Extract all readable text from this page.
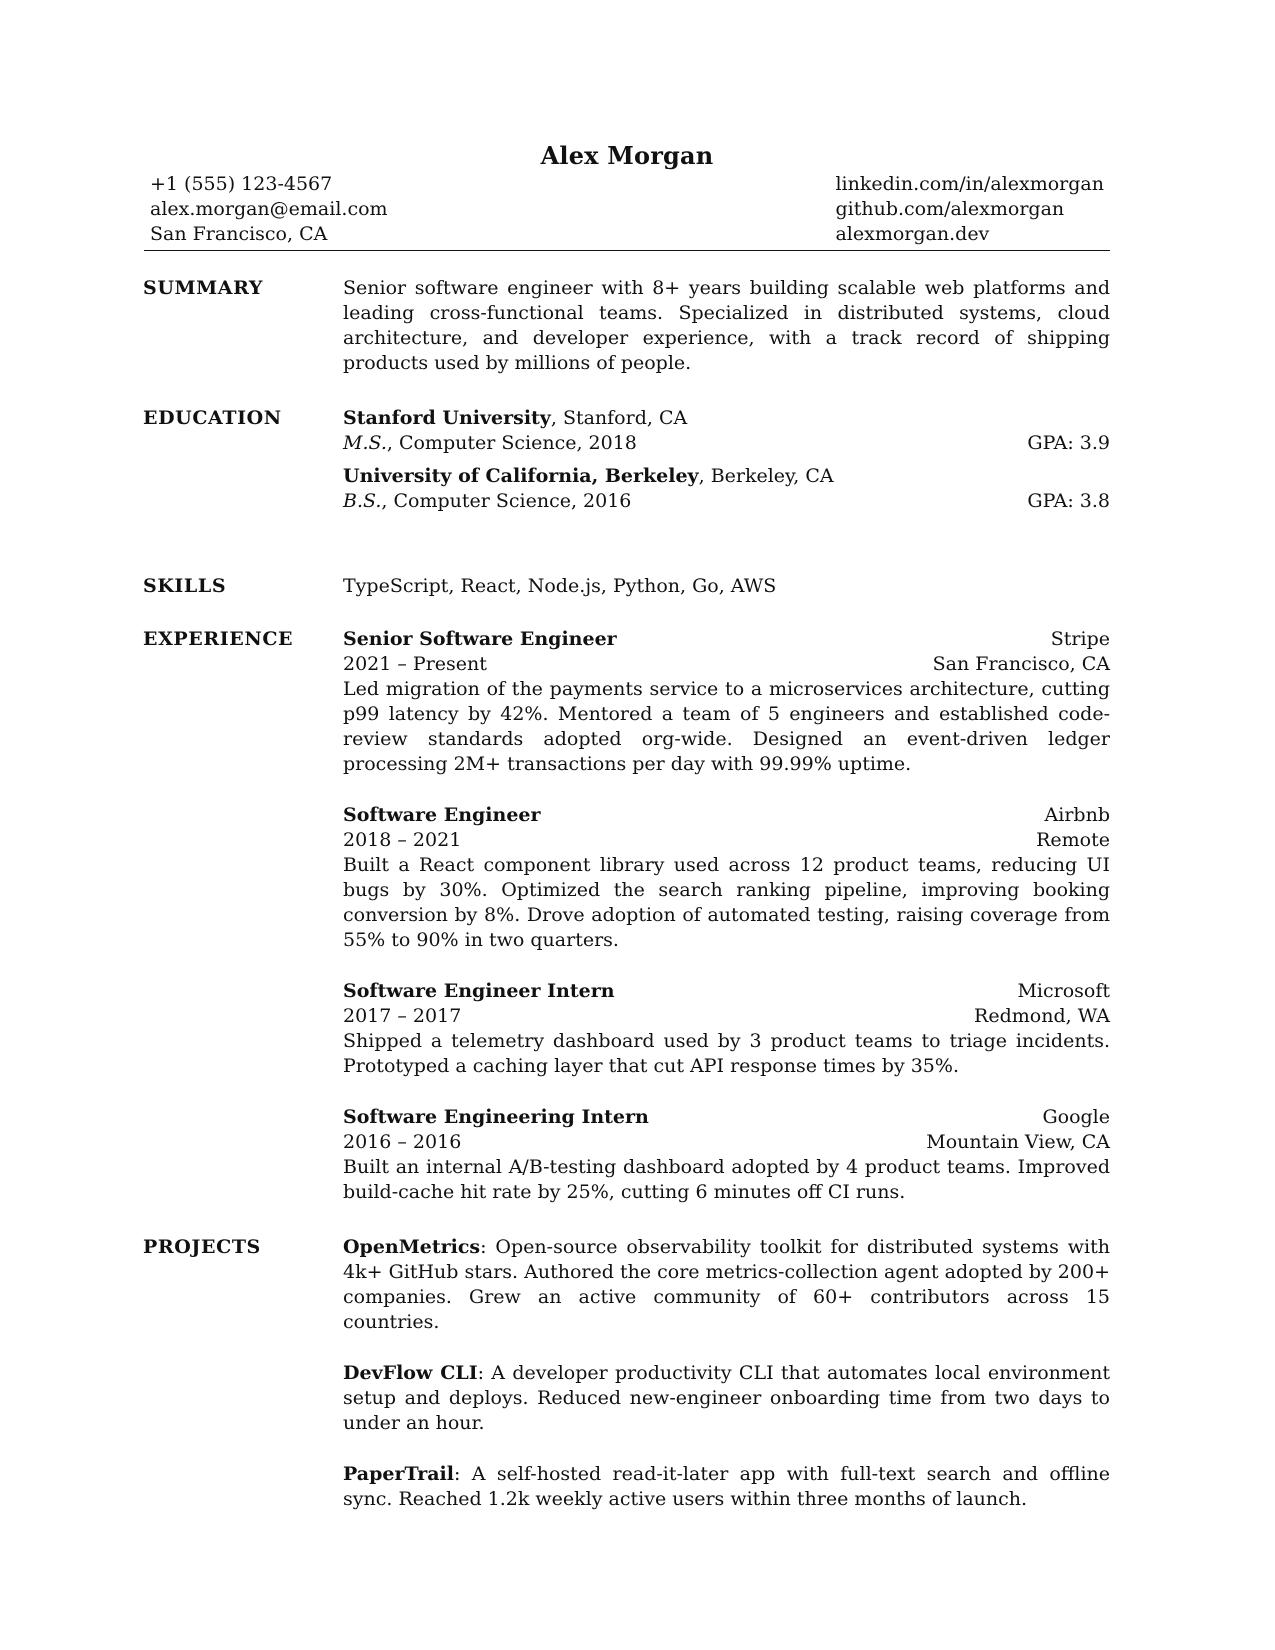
Alex Morgan
+1 (555) 123-4567
alex.morgan@email.com
San Francisco, CA
linkedin.com/in/alexmorgan
github.com/alexmorgan
alexmorgan.dev
SUMMARY	Senior software engineer with 8+ years building scalable web platforms and leading cross-functional teams. Specialized in distributed systems, cloud architecture, and developer experience, with a track record of shipping products used by millions of people.

EDUCATION	Stanford University, Stanford, CA
M.S., Computer Science, 2018	GPA: 3.9
University of California, Berkeley, Berkeley, CA
B.S., Computer Science, 2016	GPA: 3.8
SKILLS	TypeScript, React, Node.js, Python, Go, AWS

EXPERIENCE	Senior Software Engineer	Stripe
2021 – Present	San Francisco, CA
Led migration of the payments service to a microservices architecture, cutting p99 latency by 42%. Mentored a team of 5 engineers and established code-review standards adopted org-wide. Designed an event-driven ledger processing 2M+ transactions per day with 99.99% uptime.
Software Engineer	Airbnb
2018 – 2021	Remote
Built a React component library used across 12 product teams, reducing UI bugs by 30%. Optimized the search ranking pipeline, improving booking conversion by 8%. Drove adoption of automated testing, raising coverage from 55% to 90% in two quarters.
Software Engineer Intern	Microsoft
2017 – 2017	Redmond, WA
Shipped a telemetry dashboard used by 3 product teams to triage incidents. Prototyped a caching layer that cut API response times by 35%.
Software Engineering Intern	Google
2016 – 2016	Mountain View, CA
Built an internal A/B-testing dashboard adopted by 4 product teams. Improved build-cache hit rate by 25%, cutting 6 minutes off CI runs.
PROJECTS	OpenMetrics: Open-source observability toolkit for distributed systems with 4k+ GitHub stars. Authored the core metrics-collection agent adopted by 200+ companies. Grew an active community of 60+ contributors across 15 countries.
DevFlow CLI: A developer productivity CLI that automates local environment setup and deploys. Reduced new-engineer onboarding time from two days to under an hour.
PaperTrail: A self-hosted read-it-later app with full-text search and offline sync. Reached 1.2k weekly active users within three months of launch.
